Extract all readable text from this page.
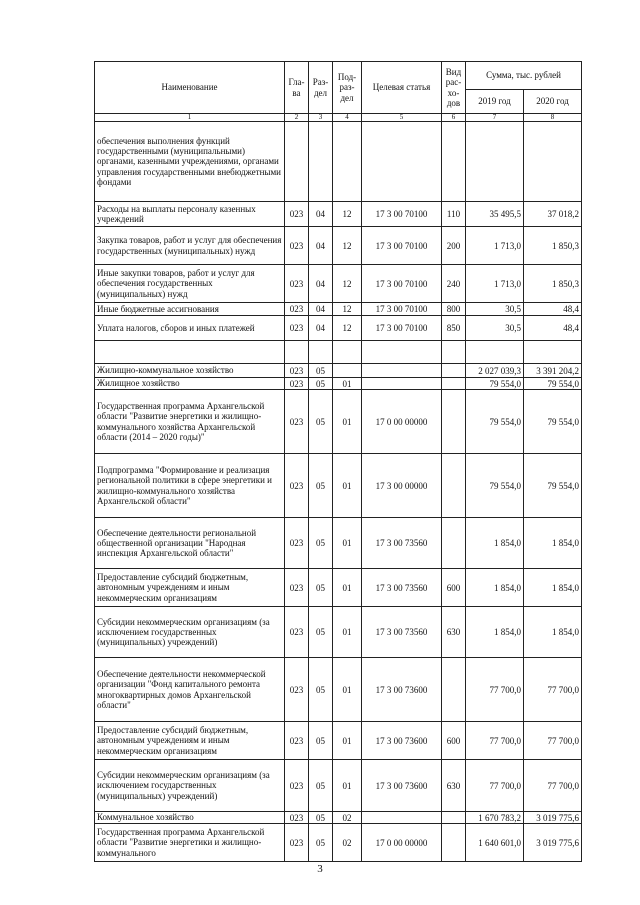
Наименование	Гла-ва	Раз-дел	Под-раз-дел	Целевая статья	Вид рас-хо-дов	Сумма, тыс. рублей	
						2019 год	2020 год
1	2	3	4	5	6	7	8
обеспечения выполнения функций государственными (муниципальными) органами, казенными учреждениями, органами управления государственными внебюджетными фондами							
Расходы на выплаты персоналу казенных учреждений	023	04	12	17 3 00 70100	110	35 495,5	37 018,2
Закупка товаров, работ и услуг для обеспечения государственных (муниципальных) нужд	023	04	12	17 3 00 70100	200	1 713,0	1 850,3
Иные закупки товаров, работ и услуг для обеспечения государственных (муниципальных) нужд	023	04	12	17 3 00 70100	240	1 713,0	1 850,3
Иные бюджетные ассигнования	023	04	12	17 3 00 70100	800	30,5	48,4
Уплата налогов, сборов и иных платежей	023	04	12	17 3 00 70100	850	30,5	48,4

Жилищно-коммунальное хозяйство	023	05				2 027 039,3	3 391 204,2
Жилищное хозяйство	023	05	01			79 554,0	79 554,0
Государственная программа Архангельской области "Развитие энергетики и жилищно-коммунального хозяйства Архангельской области (2014 – 2020 годы)"	023	05	01	17 0 00 00000		79 554,0	79 554,0
Подпрограмма "Формирование и реализация региональной политики в сфере энергетики и жилищно-коммунального хозяйства Архангельской области"	023	05	01	17 3 00 00000		79 554,0	79 554,0
Обеспечение деятельности региональной общественной организации "Народная инспекция Архангельской области"	023	05	01	17 3 00 73560		1 854,0	1 854,0
Предоставление субсидий бюджетным, автономным учреждениям и иным некоммерческим организациям	023	05	01	17 3 00 73560	600	1 854,0	1 854,0
Субсидии некоммерческим организациям (за исключением государственных (муниципальных) учреждений)	023	05	01	17 3 00 73560	630	1 854,0	1 854,0
Обеспечение деятельности некоммерческой организации "Фонд капитального ремонта многоквартирных домов Архангельской области"	023	05	01	17 3 00 73600		77 700,0	77 700,0
Предоставление субсидий бюджетным, автономным учреждениям и иным некоммерческим организациям	023	05	01	17 3 00 73600	600	77 700,0	77 700,0
Субсидии некоммерческим организациям (за исключением государственных (муниципальных) учреждений)	023	05	01	17 3 00 73600	630	77 700,0	77 700,0
Коммунальное хозяйство	023	05	02			1 670 783,2	3 019 775,6
Государственная программа Архангельской области "Развитие энергетики и жилищно-коммунального	023	05	02	17 0 00 00000		1 640 601,0	3 019 775,6
3
